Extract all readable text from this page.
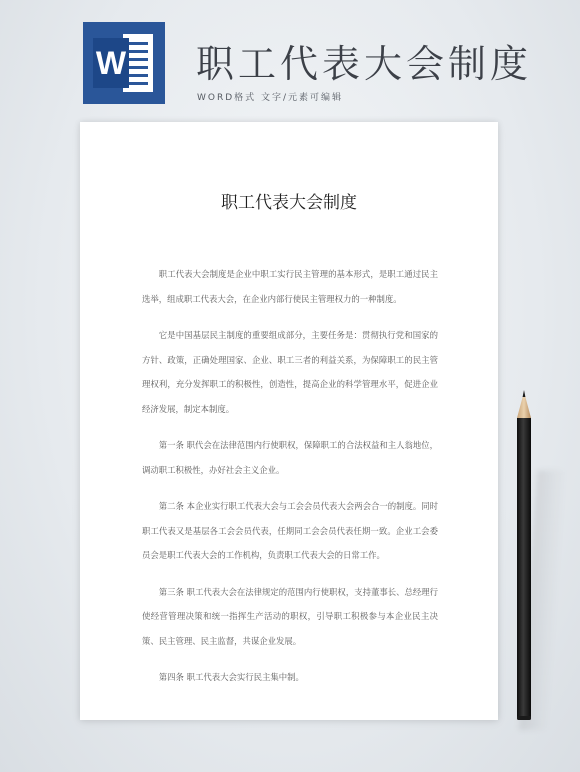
W 职工代表大会制度
WORD格式 文字/元素可编辑
职工代表大会制度

职工代表大会制度是企业中职工实行民主管理的基本形式，是职工通过民主选举，组成职工代表大会，在企业内部行使民主管理权力的一种制度。

它是中国基层民主制度的重要组成部分，主要任务是：贯彻执行党和国家的方针、政策，正确处理国家、企业、职工三者的利益关系，为保障职工的民主管理权利，充分发挥职工的积极性，创造性，提高企业的科学管理水平，促进企业经济发展，制定本制度。

第一条 职代会在法律范围内行使职权，保障职工的合法权益和主人翁地位，调动职工积极性，办好社会主义企业。

第二条 本企业实行职工代表大会与工会会员代表大会两会合一的制度。同时职工代表又是基层各工会会员代表，任期同工会会员代表任期一致。企业工会委员会是职工代表大会的工作机构，负责职工代表大会的日常工作。

第三条 职工代表大会在法律规定的范围内行使职权，支持董事长、总经理行使经营管理决策和统一指挥生产活动的职权，引导职工积极参与本企业民主决策、民主管理、民主监督，共谋企业发展。

第四条 职工代表大会实行民主集中制。
